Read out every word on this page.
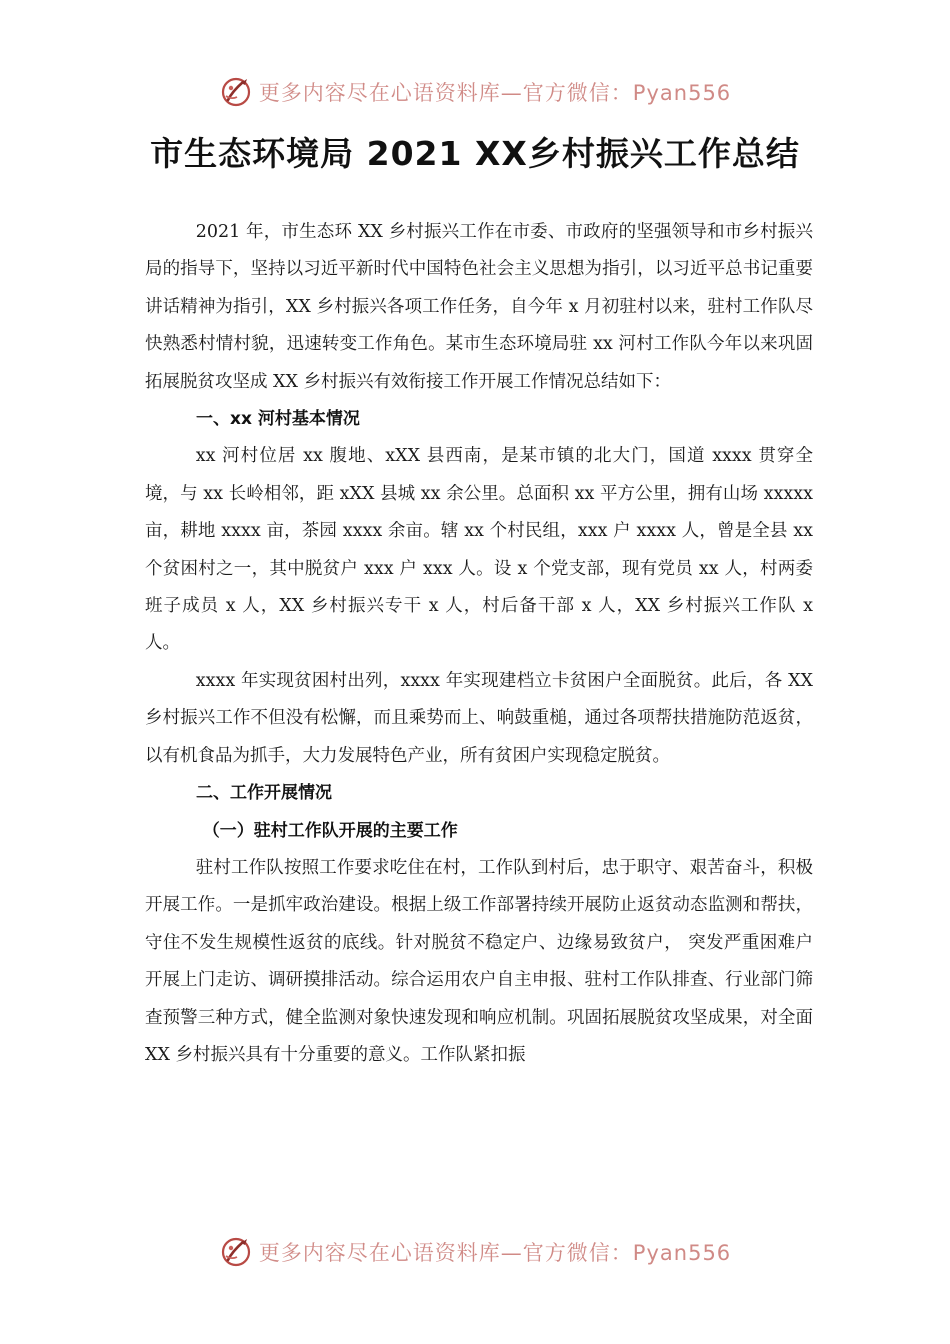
更多内容尽在心语资料库—官方微信：Pyan556
市生态环境局 2021 XX乡村振兴工作总结

2021 年，市生态环 XX 乡村振兴工作在市委、市政府的坚强领导和市乡村振兴局的指导下，坚持以习近平新时代中国特色社会主义思想为指引，以习近平总书记重要讲话精神为指引，XX 乡村振兴各项工作任务，自今年 x 月初驻村以来，驻村工作队尽快熟悉村情村貌，迅速转变工作角色。某市生态环境局驻 xx 河村工作队今年以来巩固拓展脱贫攻坚成 XX 乡村振兴有效衔接工作开展工作情况总结如下：

一、xx 河村基本情况

xx 河村位居 xx 腹地、xXX 县西南，是某市镇的北大门，国道 xxxx 贯穿全境，与 xx 长岭相邻，距 xXX 县城 xx 余公里。总面积 xx 平方公里，拥有山场 xxxxx 亩，耕地 xxxx 亩，茶园 xxxx 余亩。辖 xx 个村民组，xxx 户 xxxx 人，曾是全县 xx 个贫困村之一，其中脱贫户 xxx 户 xxx 人。设 x 个党支部，现有党员 xx 人，村两委班子成员 x 人，XX 乡村振兴专干 x 人，村后备干部 x 人，XX 乡村振兴工作队 x 人。

xxxx 年实现贫困村出列，xxxx 年实现建档立卡贫困户全面脱贫。此后，各 XX 乡村振兴工作不但没有松懈，而且乘势而上、响鼓重槌，通过各项帮扶措施防范返贫，以有机食品为抓手，大力发展特色产业，所有贫困户实现稳定脱贫。

二、工作开展情况

（一）驻村工作队开展的主要工作

驻村工作队按照工作要求吃住在村，工作队到村后，忠于职守、艰苦奋斗，积极开展工作。一是抓牢政治建设。根据上级工作部署持续开展防止返贫动态监测和帮扶，守住不发生规模性返贫的底线。针对脱贫不稳定户、边缘易致贫户， 突发严重困难户开展上门走访、调研摸排活动。综合运用农户自主申报、驻村工作队排查、行业部门筛查预警三种方式，健全监测对象快速发现和响应机制。巩固拓展脱贫攻坚成果，对全面 XX 乡村振兴具有十分重要的意义。工作队紧扣振

更多内容尽在心语资料库—官方微信：Pyan556
